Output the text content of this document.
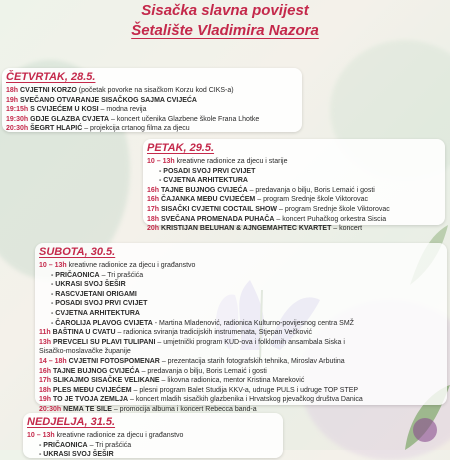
Sisačka slavna povijest
Šetalište Vladimira Nazora
ČETVRTAK, 28.5.
18h CVJETNI KORZO (početak povorke na sisačkom Korzu kod CIKS-a)
19h SVEČANO OTVARANJE SISAČKOG SAJMA CVIJEĆA
19:15h S CVIJEĆEM U KOSI – modna revija
19:30h GDJE GLAZBA CVJETA – koncert učenika Glazbene škole Frana Lhotke
20:30h ŠEGRT HLAPIĆ – projekcija crtanog filma za djecu
PETAK, 29.5.
10 – 13h kreativne radionice za djecu i starije
- POSADI SVOJ PRVI CVIJET
- CVJETNA ARHITEKTURA
16h TAJNE BUJNOG CVIJEĆA – predavanja o bilju, Boris Lemaić i gosti
16h ČAJANKA MEĐU CVIJEĆEM – program Srednje škole Viktorovac
17h SISAČKI CVJETNI COCTAIL SHOW – program Srednje škole Viktorovac
18h SVEČANA PROMENADA PUHAČA – koncert Puhačkog orkestra Siscia
20h KRISTIJAN BELUHAN & AJNGEMAHTEC KVARTET – koncert
SUBOTA, 30.5.
10 – 13h kreativne radionice za djecu i građanstvo
- PRIČAONICA – Tri prašćića
- UKRASI SVOJ ŠEŠIR
- RASCVJETANI ORIGAMI
- POSADI SVOJ PRVI CVIJET
- CVJETNA ARHITEKTURA
- ČAROLIJA PLAVOG CVIJETA - Martina Mladenović, radionica Kulturno-povijesnog centra SMŽ
11h BAŠTINA U CVATU – radionica sviranja tradicijskih instrumenata, Stjepan Večković
13h PREVCELI SU PLAVI TULIPANI – umjetnički program KUD-ova i folklornih ansambala Siska i
Sisačko-moslavačke županije
14 – 18h CVJETNI FOTOSPOMENAR – prezentacija starih fotografskih tehnika, Miroslav Arbutina
16h TAJNE BUJNOG CVIJEĆA – predavanja o bilju, Boris Lemaić i gosti
17h SLIKAJMO SISAČKE VELIKANE – likovna radionica, mentor Kristina Mareković
18h PLES MEĐU CVIJEĆEM – plesni program Balet Studija KKV-a, udruge PULS i udruge TOP STEP
19h TO JE TVOJA ZEMLJA – koncert mladih sisačkih glazbenika i Hrvatskog pjevačkog društva Danica
20:30h NEMA TE SILE – promocija albuma i koncert Rebecca band-a
NEDJELJA, 31.5.
10 – 13h kreativne radionice za djecu i građanstvo
- PRIČAONICA – Tri prašćića
- UKRASI SVOJ ŠEŠIR
